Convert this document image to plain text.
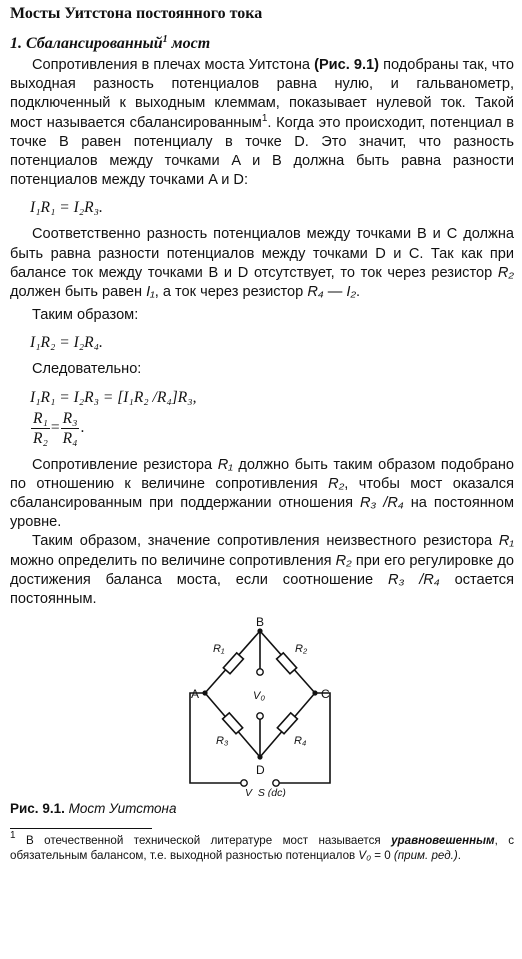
Мосты Уитстона постоянного тока
1. Сбалансированный$^1$ мост

Сопротивления в плечах моста Уитстона (Рис. 9.1) подобраны так, что выходная разность потенциалов равна нулю, и гальванометр, подключенный к выходным клеммам, показывает нулевой ток. Такой мост называется сбалансированным$^1$. Когда это происходит, потенциал в точке B равен потенциалу в точке D. Это значит, что разность потенциалов между точками A и B должна быть равна разности потенциалов между точками A и D:

I₁R₁ = I₂R₃.

Соответственно разность потенциалов между точками B и C должна быть равна разности потенциалов между точками D и C. Так как при балансе ток между точками B и D отсутствует, то ток через резистор R₂ должен быть равен I₁, а ток через резистор R₄ — I₂.

Таким образом:

I₁R₂ = I₂R₄.

Следовательно:

I₁R₁ = I₂R₃ = [I₁R₂ /R₄]R₃,
$\frac{\text{R₁}}{\text{R₂}} = \frac{\text{R₃}}{\text{R₄}}$ .

Сопротивление резистора R₁ должно быть таким образом подобрано по отношению к величине сопротивления R₂, чтобы мост оказался сбалансированным при поддержании отношения R₃ /R₄ на постоянном уровне.

Таким образом, значение сопротивления неизвестного резистора R₁ можно определить по величине сопротивления R₂ при его регулировке до достижения баланса моста, если соотношение R₃ /R₄ остается постоянным.

B
A	C
D
R₁	R₂
R₃	R₄
V₀
V_S (dc)
Рис. 9.1. Мост Уитстона
$^1$ В отечественной технической литературе мост называется уравновешенным, с обязательным балансом, т.е. выходной разностью потенциалов V₀ = 0 (прим. ред.).
